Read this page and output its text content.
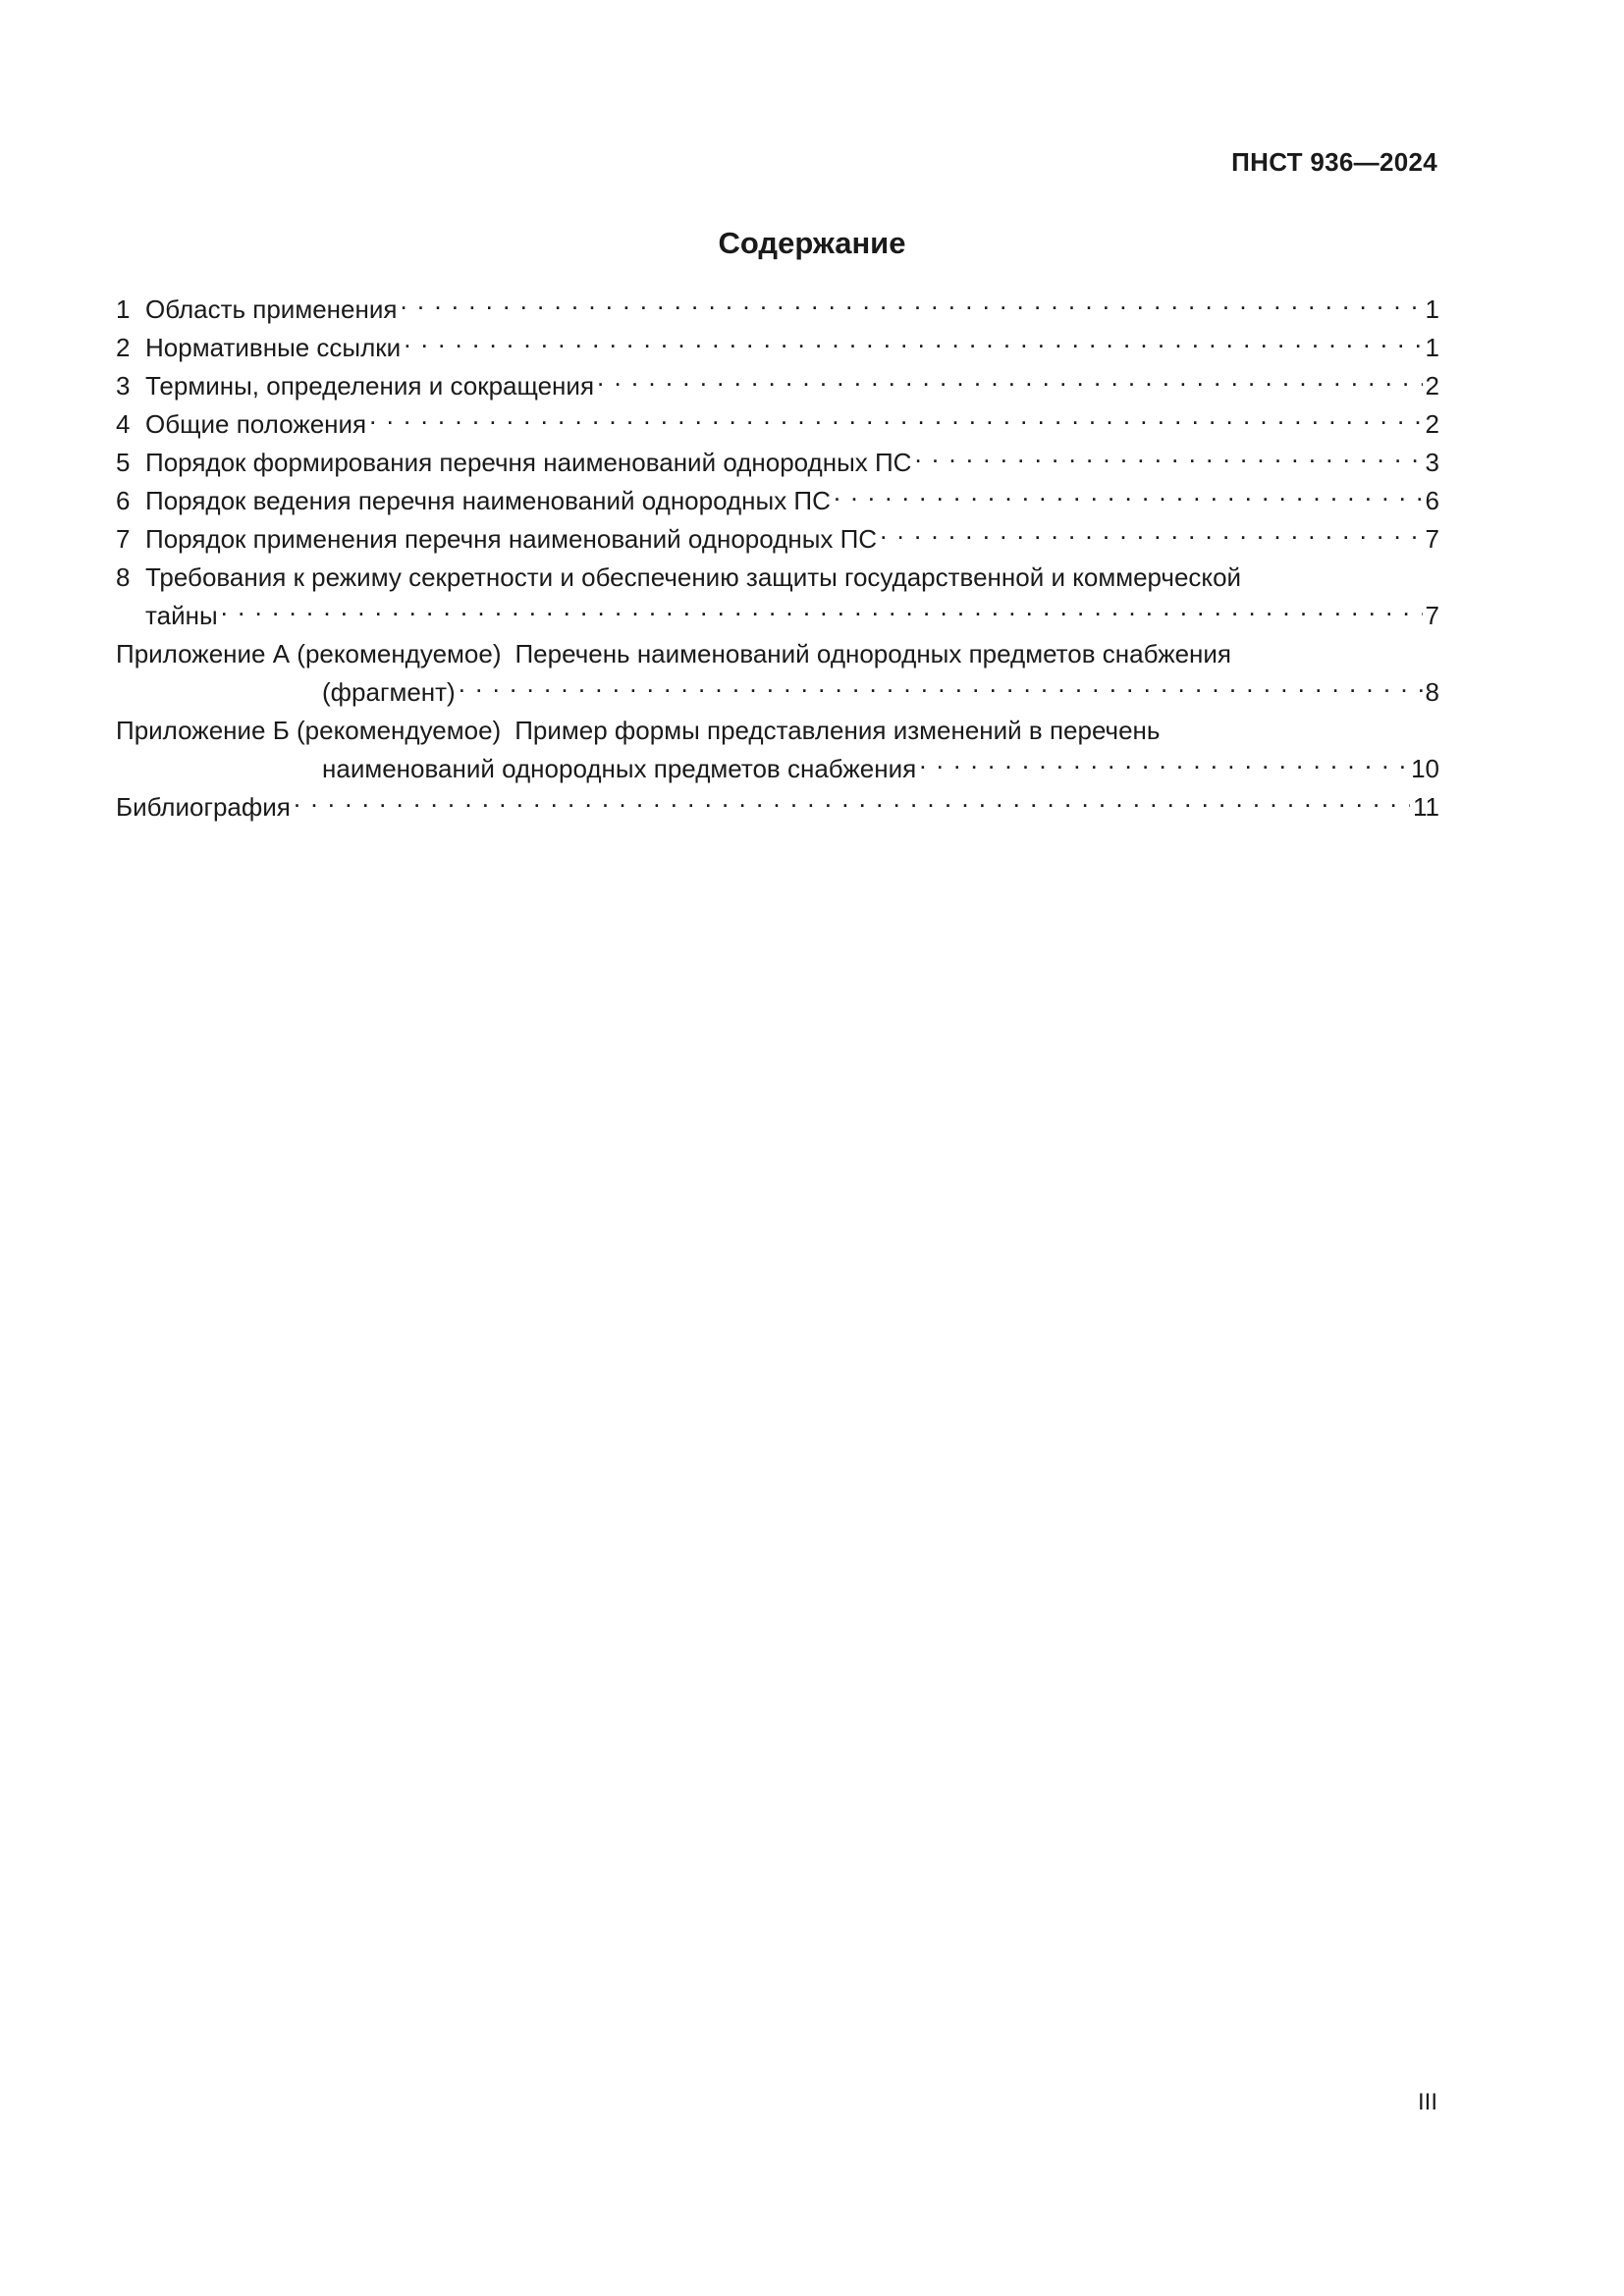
ПНСТ 936—2024
Содержание
1 Область применения . . .	1
2 Нормативные ссылки . . .	1
3 Термины, определения и сокращения . . .	2
4 Общие положения . . .	2
5 Порядок формирования перечня наименований однородных ПС . . .	3
6 Порядок ведения перечня наименований однородных ПС . . .	6
7 Порядок применения перечня наименований однородных ПС . . .	7
8 Требования к режиму секретности и обеспечению защиты государственной и коммерческой
тайны . . .	7
Приложение А (рекомендуемое) Перечень наименований однородных предметов снабжения
(фрагмент) . . .	8
Приложение Б (рекомендуемое) Пример формы представления изменений в перечень
наименований однородных предметов снабжения . . .	10
Библиография . . .	11
III
